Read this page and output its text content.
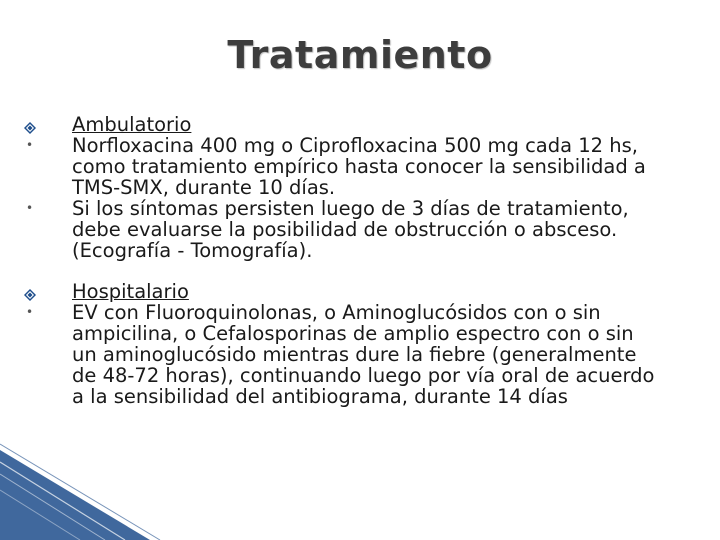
Tratamiento
Ambulatorio
•	Norfloxacina 400 mg o Ciprofloxacina 500 mg cada 12 hs, como tratamiento empírico hasta conocer la sensibilidad a TMS-SMX, durante 10 días.
•	Si los síntomas persisten luego de 3 días de tratamiento, debe evaluarse la posibilidad de obstrucción o absceso. (Ecografía - Tomografía).
Hospitalario
•	EV con Fluoroquinolonas, o Aminoglucósidos con o sin ampicilina, o Cefalosporinas de amplio espectro con o sin un aminoglucósido mientras dure la fiebre (generalmente de 48-72 horas), continuando luego por vía oral de acuerdo a la sensibilidad del antibiograma, durante 14 días
